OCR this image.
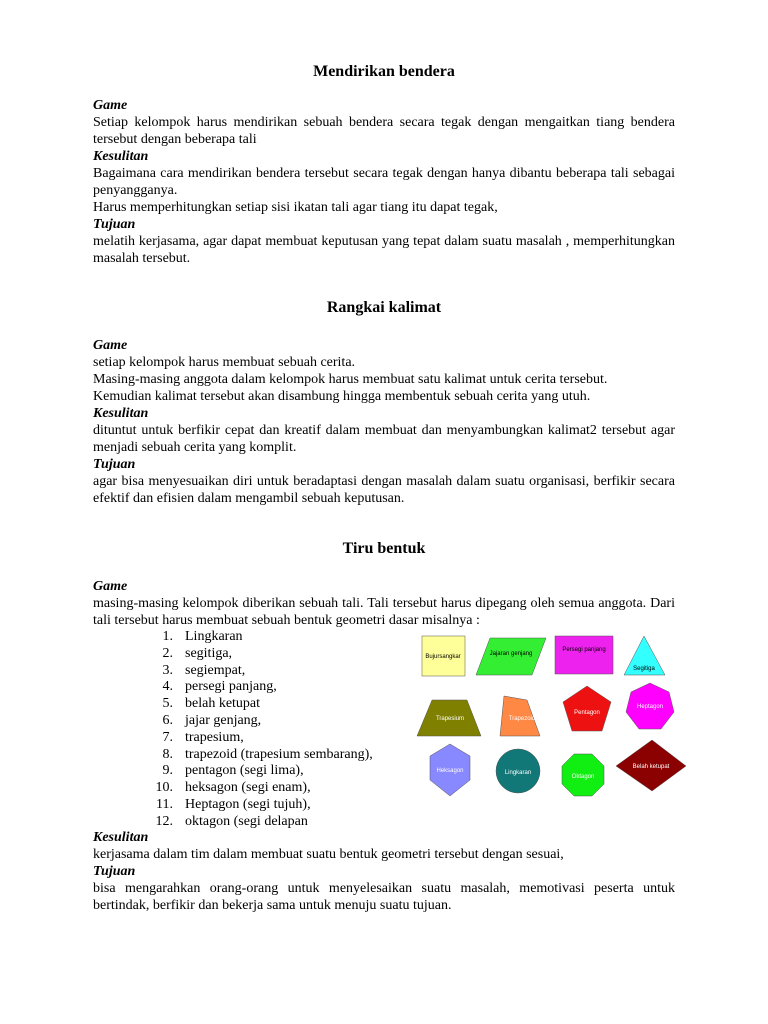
Mendirikan bendera
Game

Setiap kelompok harus mendirikan sebuah bendera secara tegak dengan mengaitkan tiang bendera tersebut dengan beberapa tali

Kesulitan

Bagaimana cara mendirikan bendera tersebut secara tegak dengan hanya dibantu beberapa tali sebagai penyangganya.

Harus memperhitungkan setiap sisi ikatan tali agar tiang itu dapat tegak,

Tujuan

melatih kerjasama, agar dapat membuat keputusan yang tepat dalam suatu masalah , memperhitungkan masalah tersebut.

Rangkai kalimat
Game

setiap kelompok harus membuat sebuah cerita.

Masing-masing anggota dalam kelompok harus membuat satu kalimat untuk cerita tersebut.

Kemudian kalimat tersebut akan disambung hingga membentuk sebuah cerita yang utuh.

Kesulitan

dituntut untuk berfikir cepat dan kreatif dalam membuat dan menyambungkan kalimat2 tersebut agar menjadi sebuah cerita yang komplit.

Tujuan

agar bisa menyesuaikan diri untuk beradaptasi dengan masalah dalam suatu organisasi, berfikir secara efektif dan efisien dalam mengambil sebuah keputusan.

Tiru bentuk
Game

masing-masing kelompok diberikan sebuah tali. Tali tersebut harus dipegang oleh semua anggota. Dari tali tersebut harus membuat sebuah bentuk geometri dasar misalnya :

1. Lingkaran
2. segitiga,
3. segiempat,
4. persegi panjang,
5. belah ketupat
6. jajar genjang,
7. trapesium,
8. trapezoid (trapesium sembarang),
9. pentagon (segi lima),
10. heksagon (segi enam),
11. Heptagon (segi tujuh),
12. oktagon (segi delapan
Kesulitan

kerjasama dalam tim dalam membuat suatu bentuk geometri tersebut dengan sesuai,

Tujuan

bisa mengarahkan orang-orang untuk menyelesaikan suatu masalah, memotivasi peserta untuk bertindak, berfikir dan bekerja sama untuk menuju suatu tujuan.

Bujursangkar	Jajaran genjang
Persegi panjang
Segitiga
Trapesium	Trapezoid
Pentagon
Heptagon
Heksagon	Lingkaran
Oktagon
Belah ketupat
